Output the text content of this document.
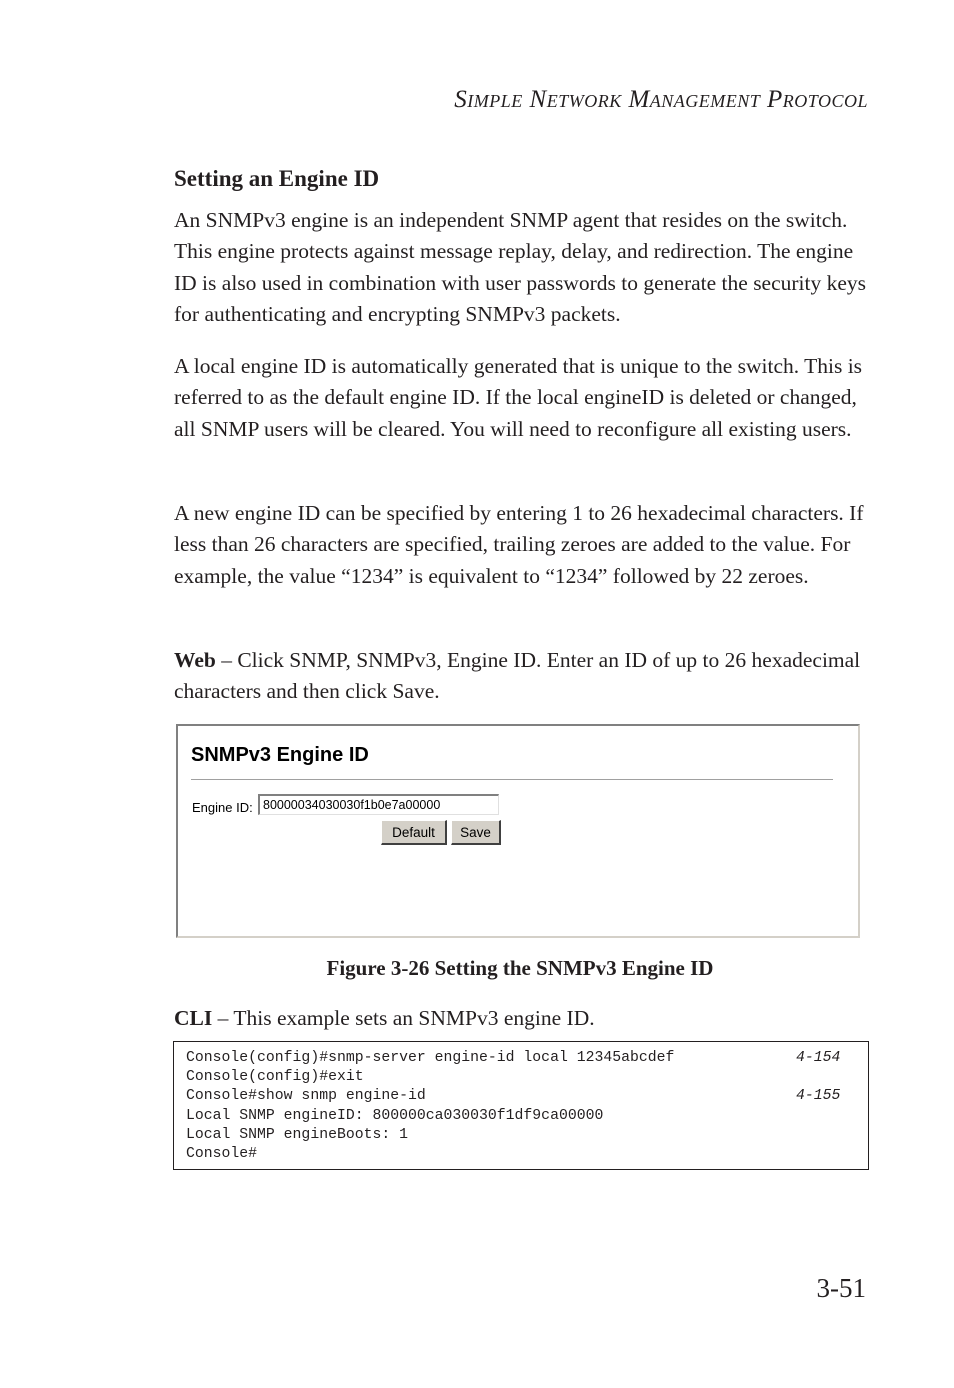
Simple Network Management Protocol
Setting an Engine ID

An SNMPv3 engine is an independent SNMP agent that resides on the switch. This engine protects against message replay, delay, and redirection. The engine ID is also used in combination with user passwords to generate the security keys for authenticating and encrypting SNMPv3 packets.

A local engine ID is automatically generated that is unique to the switch. This is referred to as the default engine ID. If the local engineID is deleted or changed, all SNMP users will be cleared. You will need to reconfigure all existing users.

A new engine ID can be specified by entering 1 to 26 hexadecimal characters. If less than 26 characters are specified, trailing zeroes are added to the value. For example, the value “1234” is equivalent to “1234” followed by 22 zeroes.

Web – Click SNMP, SNMPv3, Engine ID. Enter an ID of up to 26 hexadecimal characters and then click Save.

SNMPv3 Engine ID
Engine ID:
80000034030030f1b0e7a00000
Default	Save
Figure 3-26 Setting the SNMPv3 Engine ID

CLI – This example sets an SNMPv3 engine ID.

Console(config)#snmp-server engine-id local 12345abcdef	4-154
Console(config)#exit
Console#show snmp engine-id	4-155
Local SNMP engineID: 800000ca030030f1df9ca00000
Local SNMP engineBoots: 1
Console#
3-51
